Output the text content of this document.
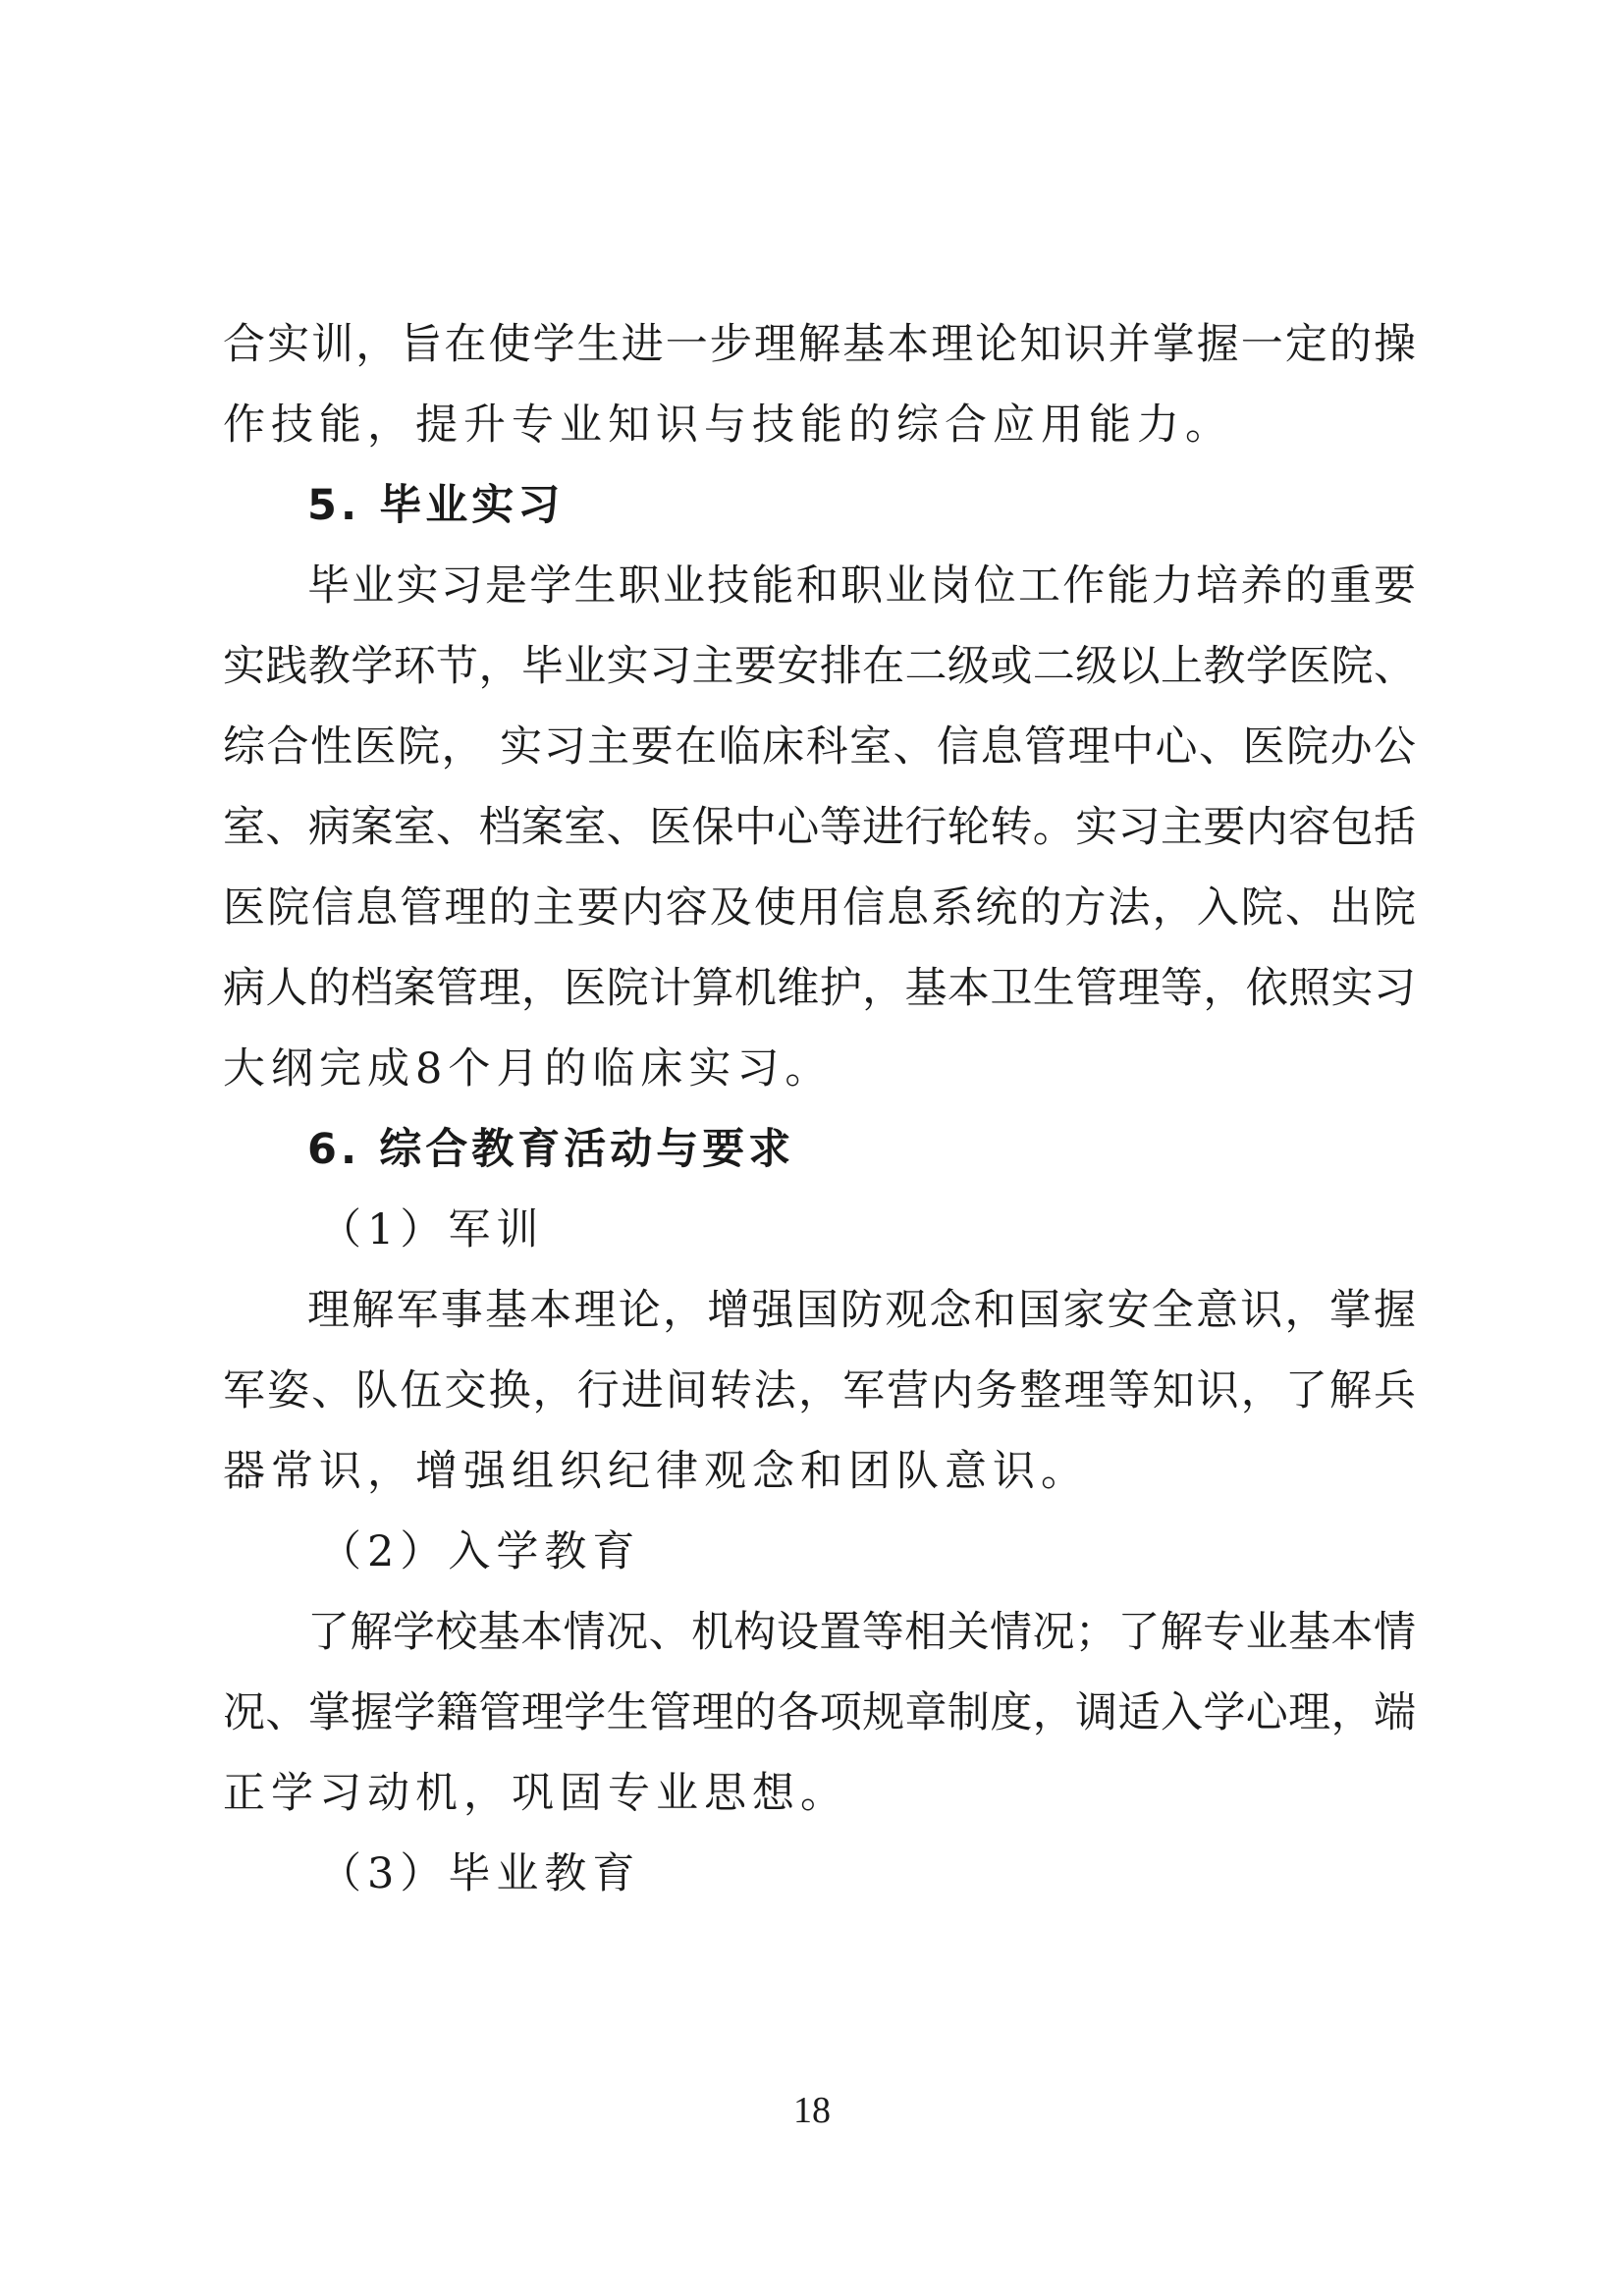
合实训，旨在使学生进一步理解基本理论知识并掌握一定的操
作技能，提升专业知识与技能的综合应用能力。
5. 毕业实习
毕业实习是学生职业技能和职业岗位工作能力培养的重要
实践教学环节，毕业实习主要安排在二级或二级以上教学医院、
综合性医院， 实习主要在临床科室、信息管理中心、医院办公
室、病案室、档案室、医保中心等进行轮转。实习主要内容包括
医院信息管理的主要内容及使用信息系统的方法，入院、出院
病人的档案管理，医院计算机维护，基本卫生管理等，依照实习
大纲完成8个月的临床实习。
6. 综合教育活动与要求
（1）军训
理解军事基本理论，增强国防观念和国家安全意识，掌握
军姿、队伍交换，行进间转法，军营内务整理等知识，了解兵
器常识，增强组织纪律观念和团队意识。
（2）入学教育
了解学校基本情况、机构设置等相关情况；了解专业基本情
况、掌握学籍管理学生管理的各项规章制度，调适入学心理，端
正学习动机，巩固专业思想。
（3）毕业教育
18
